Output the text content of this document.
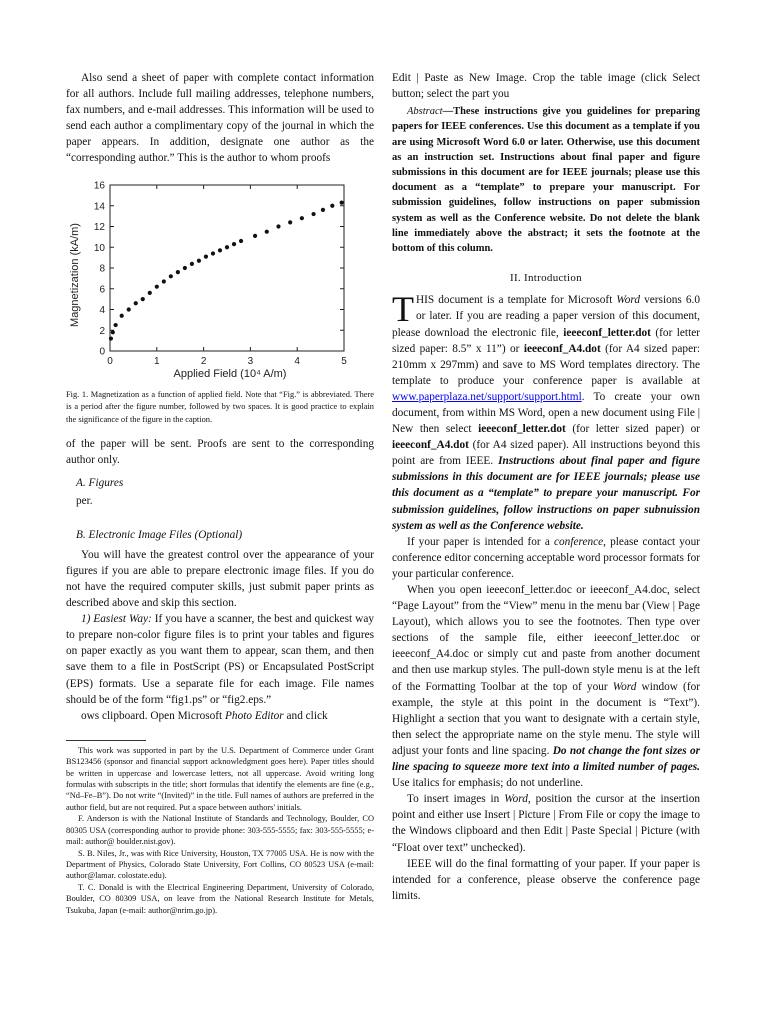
Also send a sheet of paper with complete contact information for all authors. Include full mailing addresses, telephone numbers, fax numbers, and e-mail addresses. This information will be used to send each author a complimentary copy of the journal in which the paper appears. In addition, designate one author as the “corresponding author.” This is the author to whom proofs

0	1	2	3	4	5
0
2
4
6
8
10
12
14
16
Applied Field (10⁴ A/m)
Magnetization (kA/m)

Fig. 1. Magnetization as a function of applied field. Note that “Fig.” is abbreviated. There is a period after the figure number, followed by two spaces. It is good practice to explain the significance of the figure in the caption.

of the paper will be sent. Proofs are sent to the corresponding author only.

A. Figures

per.

B. Electronic Image Files (Optional)

You will have the greatest control over the appearance of your figures if you are able to prepare electronic image files. If you do not have the required computer skills, just submit paper prints as described above and skip this section.

1) Easiest Way: If you have a scanner, the best and quickest way to prepare non-color figure files is to print your tables and figures on paper exactly as you want them to appear, scan them, and then save them to a file in PostScript (PS) or Encapsulated PostScript (EPS) formats. Use a separate file for each image. File names should be of the form “fig1.ps” or “fig2.eps.”

ows clipboard. Open Microsoft Photo Editor and click

This work was supported in part by the U.S. Department of Commerce under Grant BS123456 (sponsor and financial support acknowledgment goes here). Paper titles should be written in uppercase and lowercase letters, not all uppercase. Avoid writing long formulas with subscripts in the title; short formulas that identify the elements are fine (e.g., “Nd–Fe–B”). Do not write “(Invited)” in the title. Full names of authors are preferred in the author field, but are not required. Put a space between authors' initials.

F. Anderson is with the National Institute of Standards and Technology, Boulder, CO 80305 USA (corresponding author to provide phone: 303-555-5555; fax: 303-555-5555; e-mail: author@ boulder.nist.gov).

S. B. Niles, Jr., was with Rice University, Houston, TX 77005 USA. He is now with the Department of Physics, Colorado State University, Fort Collins, CO 80523 USA (e-mail: author@lamar. colostate.edu).

T. C. Donald is with the Electrical Engineering Department, University of Colorado, Boulder, CO 80309 USA, on leave from the National Research Institute for Metals, Tsukuba, Japan (e-mail: author@nrim.go.jp).

Edit | Paste as New Image. Crop the table image (click Select button; select the part you

Abstract—These instructions give you guidelines for preparing papers for IEEE conferences. Use this document as a template if you are using Microsoft Word 6.0 or later. Otherwise, use this document as an instruction set. Instructions about final paper and figure submissions in this document are for IEEE journals; please use this document as a “template” to prepare your manuscript. For submission guidelines, follow instructions on paper submission system as well as the Conference website. Do not delete the blank line immediately above the abstract; it sets the footnote at the bottom of this column.

II. Introduction

THIS document is a template for Microsoft Word versions 6.0 or later. If you are reading a paper version of this document, please download the electronic file, ieeeconf_letter.dot (for letter sized paper: 8.5” x 11”) or ieeeconf_A4.dot (for A4 sized paper: 210mm x 297mm) and save to MS Word templates directory. The template to produce your conference paper is available at www.paperplaza.net/support/support.html. To create your own document, from within MS Word, open a new document using File | New then select ieeeconf_letter.dot (for letter sized paper) or ieeeconf_A4.dot (for A4 sized paper). All instructions beyond this point are from IEEE. Instructions about final paper and figure submissions in this document are for IEEE journals; please use this document as a “template” to prepare your manuscript. For submission guidelines, follow instructions on paper subnuission system as well as the Conference website.

If your paper is intended for a conference, please contact your conference editor concerning acceptable word processor formats for your particular conference.

When you open ieeeconf_letter.doc or ieeeconf_A4.doc, select “Page Layout” from the “View” menu in the menu bar (View | Page Layout), which allows you to see the footnotes. Then type over sections of the sample file, either ieeeconf_letter.doc or ieeeconf_A4.doc or simply cut and paste from another document and then use markup styles. The pull-down style menu is at the left of the Formatting Toolbar at the top of your Word window (for example, the style at this point in the document is “Text”). Highlight a section that you want to designate with a certain style, then select the appropriate name on the style menu. The style will adjust your fonts and line spacing. Do not change the font sizes or line spacing to squeeze more text into a limited number of pages. Use italics for emphasis; do not underline.

To insert images in Word, position the cursor at the insertion point and either use Insert | Picture | From File or copy the image to the Windows clipboard and then Edit | Paste Special | Picture (with “Float over text” unchecked).

IEEE will do the final formatting of your paper. If your paper is intended for a conference, please observe the conference page limits.
